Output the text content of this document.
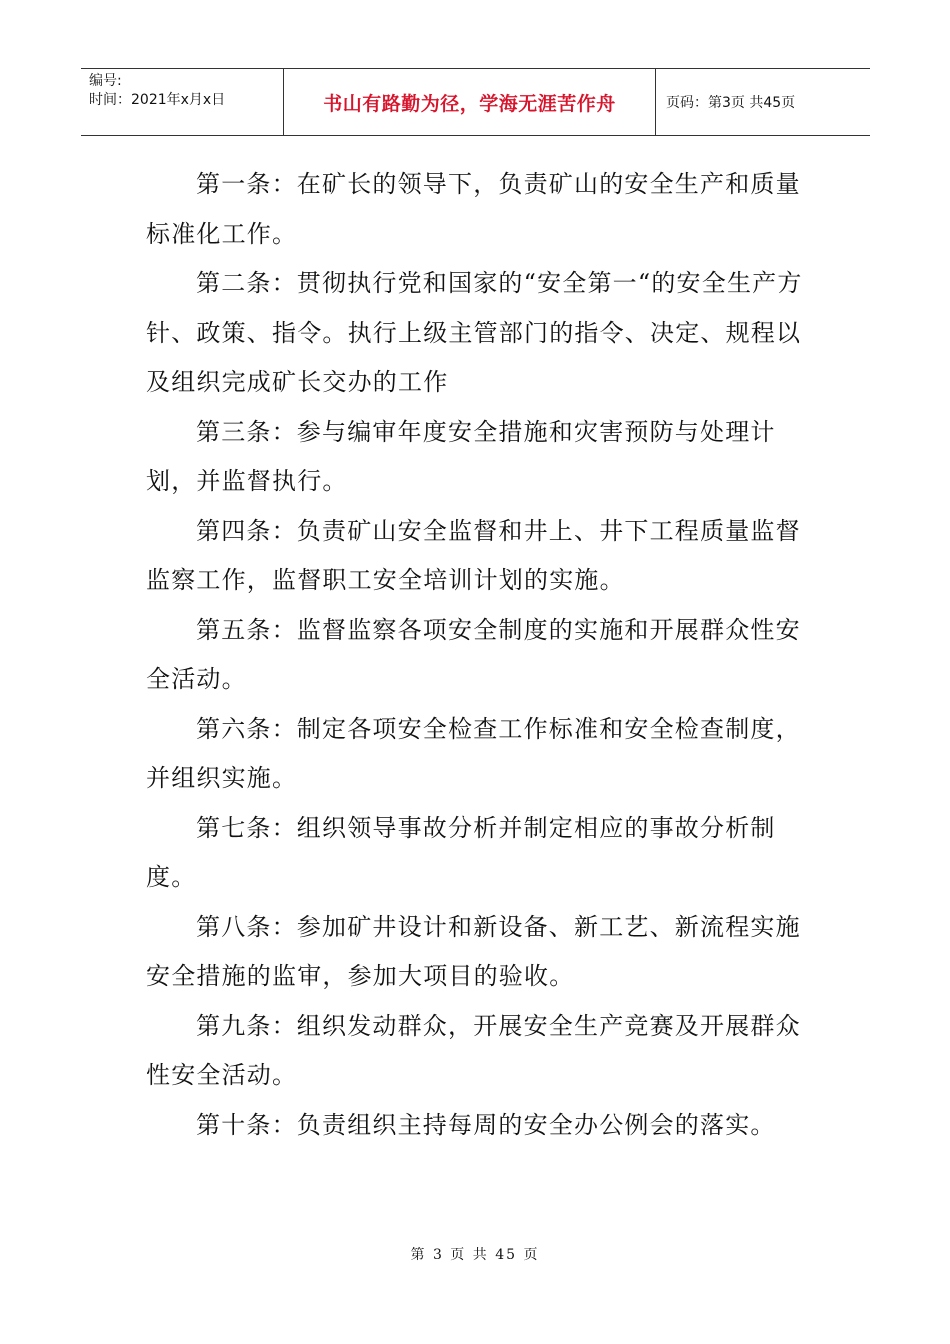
编号:
时间：2021年x月x日	书山有路勤为径，学海无涯苦作舟	页码：第3页 共45页

第一条：在矿长的领导下，负责矿山的安全生产和质量标准化工作。

第二条：贯彻执行党和国家的“安全第一“的安全生产方针、政策、指令。执行上级主管部门的指令、决定、规程以及组织完成矿长交办的工作

第三条：参与编审年度安全措施和灾害预防与处理计划，并监督执行。

第四条：负责矿山安全监督和井上、井下工程质量监督监察工作，监督职工安全培训计划的实施。

第五条：监督监察各项安全制度的实施和开展群众性安全活动。

第六条：制定各项安全检查工作标准和安全检查制度，并组织实施。

第七条：组织领导事故分析并制定相应的事故分析制度。

第八条：参加矿井设计和新设备、新工艺、新流程实施安全措施的监审，参加大项目的验收。

第九条：组织发动群众，开展安全生产竞赛及开展群众性安全活动。

第十条：负责组织主持每周的安全办公例会的落实。

第 3 页 共 45 页
